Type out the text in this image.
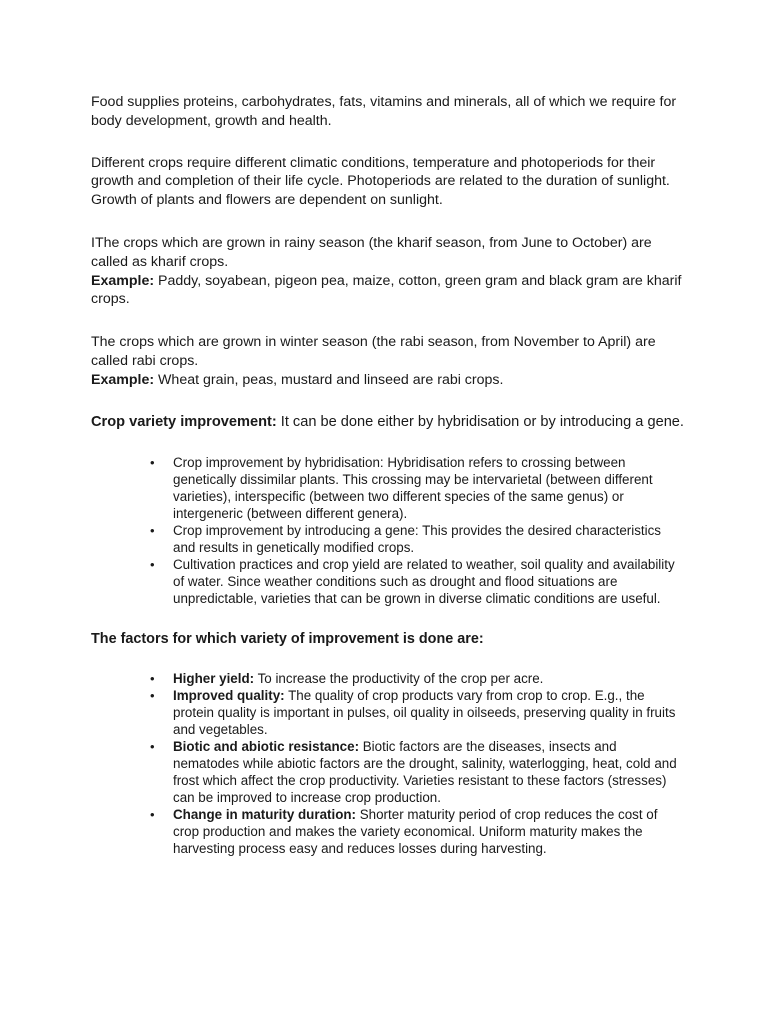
Food supplies proteins, carbohydrates, fats, vitamins and minerals, all of which we require for body development, growth and health.

Different crops require different climatic conditions, temperature and photoperiods for their growth and completion of their life cycle. Photoperiods are related to the duration of sunlight. Growth of plants and flowers are dependent on sunlight.

IThe crops which are grown in rainy season (the kharif season, from June to October) are called as kharif crops.
Example: Paddy, soyabean, pigeon pea, maize, cotton, green gram and black gram are kharif crops.

The crops which are grown in winter season (the rabi season, from November to April) are called rabi crops.
Example: Wheat grain, peas, mustard and linseed are rabi crops.

Crop variety improvement: It can be done either by hybridisation or by introducing a gene.

• Crop improvement by hybridisation: Hybridisation refers to crossing between genetically dissimilar plants. This crossing may be intervarietal (between different varieties), interspecific (between two different species of the same genus) or intergeneric (between different genera).
• Crop improvement by introducing a gene: This provides the desired characteristics and results in genetically modified crops.
• Cultivation practices and crop yield are related to weather, soil quality and availability of water. Since weather conditions such as drought and flood situations are unpredictable, varieties that can be grown in diverse climatic conditions are useful.

The factors for which variety of improvement is done are:

• Higher yield: To increase the productivity of the crop per acre.
• Improved quality: The quality of crop products vary from crop to crop. E.g., the protein quality is important in pulses, oil quality in oilseeds, preserving quality in fruits and vegetables.
• Biotic and abiotic resistance: Biotic factors are the diseases, insects and nematodes while abiotic factors are the drought, salinity, waterlogging, heat, cold and frost which affect the crop productivity. Varieties resistant to these factors (stresses) can be improved to increase crop production.
• Change in maturity duration: Shorter maturity period of crop reduces the cost of crop production and makes the variety economical. Uniform maturity makes the harvesting process easy and reduces losses during harvesting.
